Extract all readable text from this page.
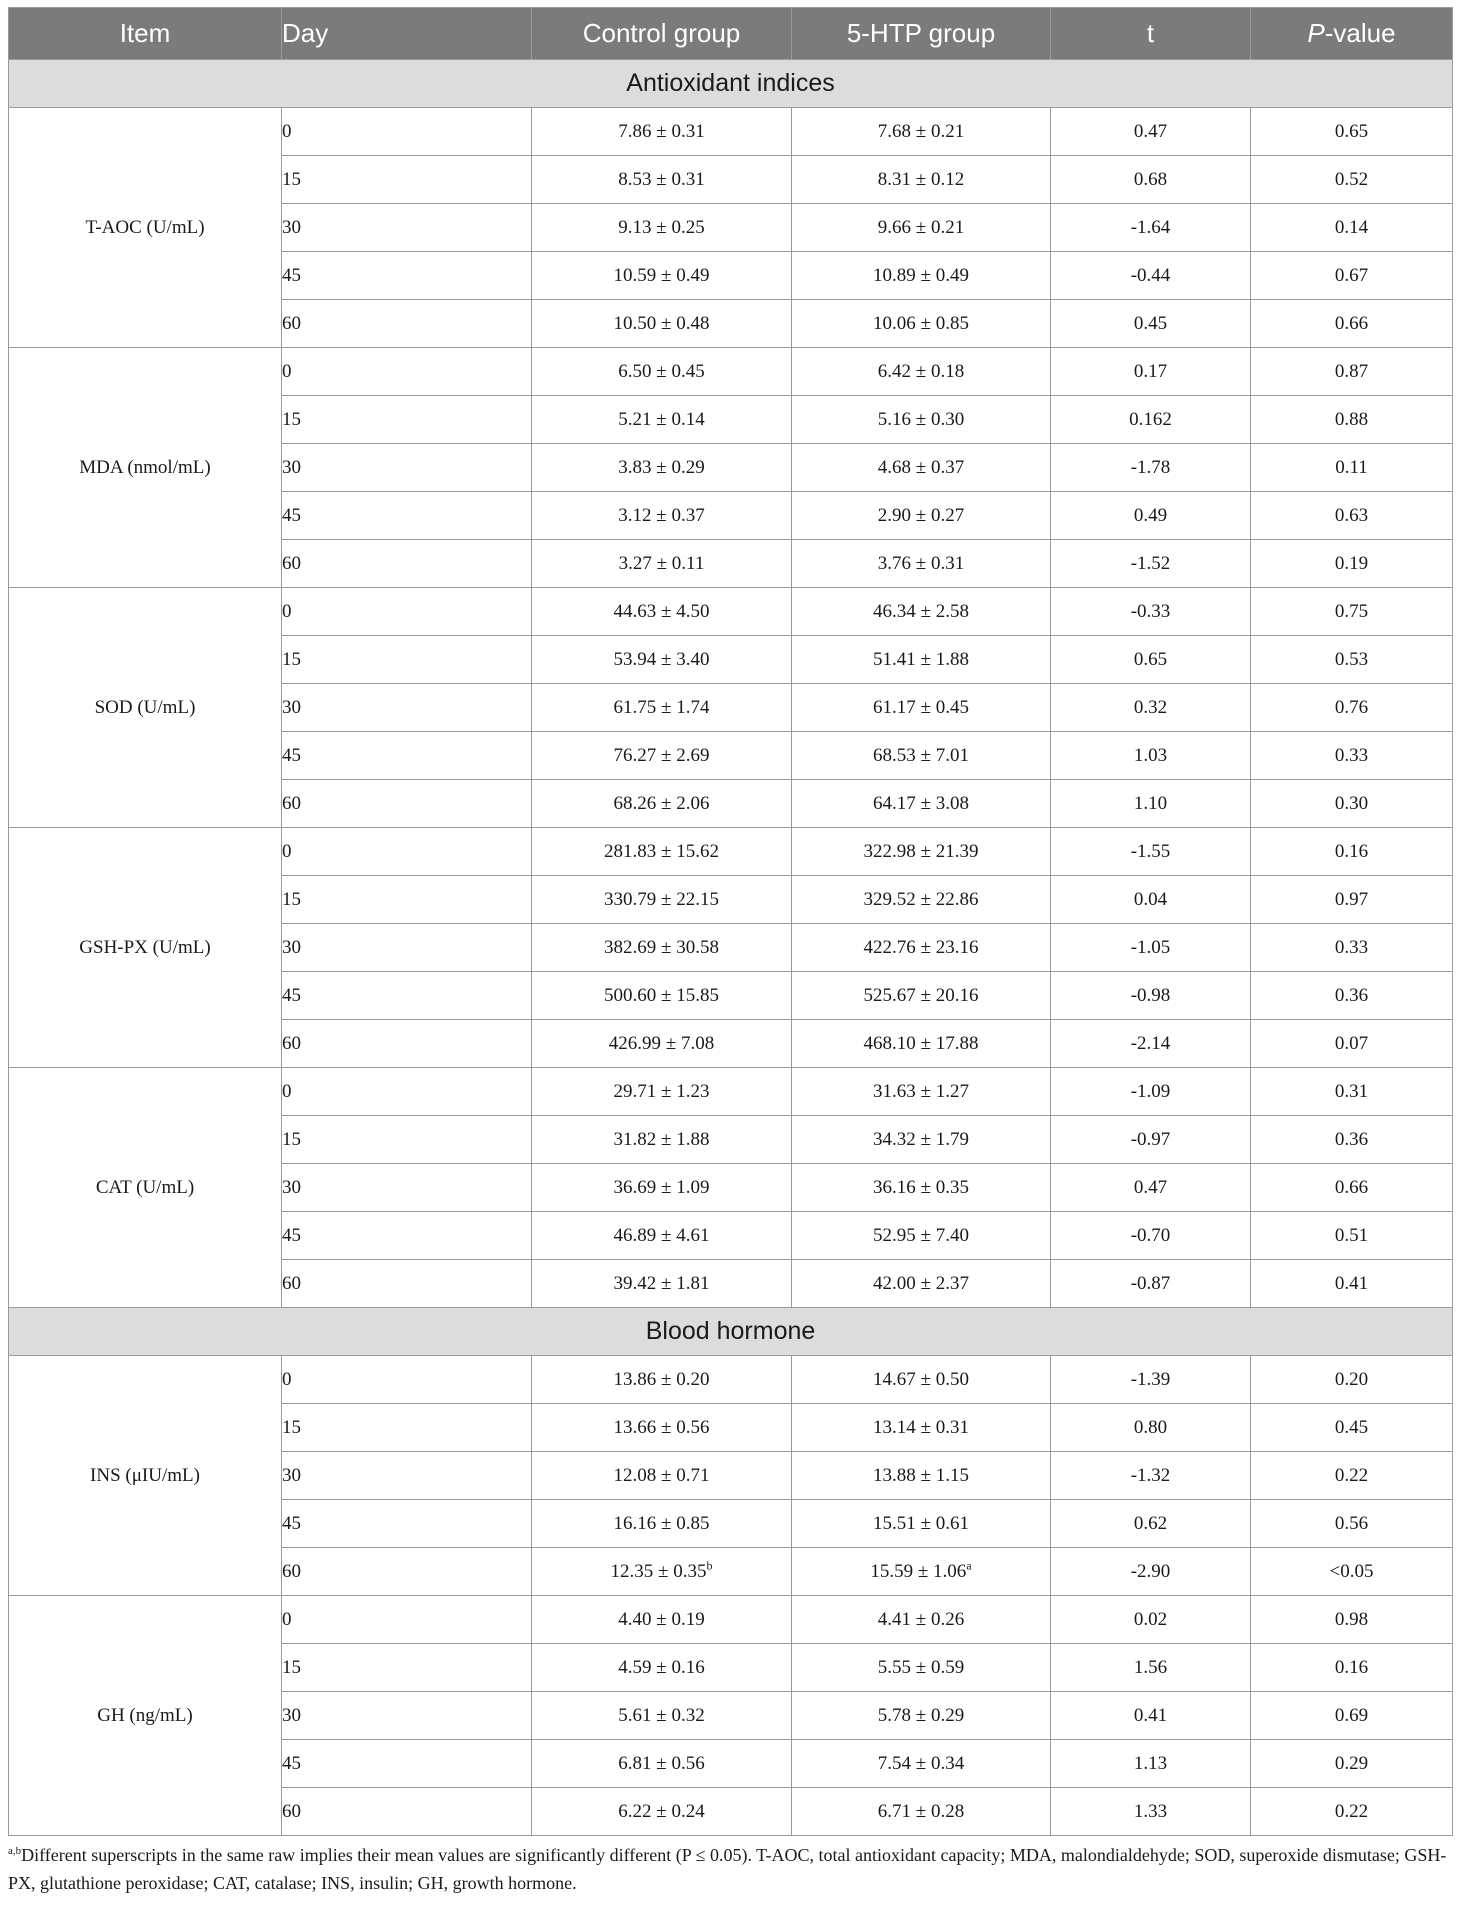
Item	Day	Control group	5-HTP group	t	P-value
Antioxidant indices					
T-AOC (U/mL)	0	7.86 ± 0.31	7.68 ± 0.21	0.47	0.65
	15	8.53 ± 0.31	8.31 ± 0.12	0.68	0.52
	30	9.13 ± 0.25	9.66 ± 0.21	-1.64	0.14
	45	10.59 ± 0.49	10.89 ± 0.49	-0.44	0.67
	60	10.50 ± 0.48	10.06 ± 0.85	0.45	0.66
MDA (nmol/mL)	0	6.50 ± 0.45	6.42 ± 0.18	0.17	0.87
	15	5.21 ± 0.14	5.16 ± 0.30	0.162	0.88
	30	3.83 ± 0.29	4.68 ± 0.37	-1.78	0.11
	45	3.12 ± 0.37	2.90 ± 0.27	0.49	0.63
	60	3.27 ± 0.11	3.76 ± 0.31	-1.52	0.19
SOD (U/mL)	0	44.63 ± 4.50	46.34 ± 2.58	-0.33	0.75
	15	53.94 ± 3.40	51.41 ± 1.88	0.65	0.53
	30	61.75 ± 1.74	61.17 ± 0.45	0.32	0.76
	45	76.27 ± 2.69	68.53 ± 7.01	1.03	0.33
	60	68.26 ± 2.06	64.17 ± 3.08	1.10	0.30
GSH-PX (U/mL)	0	281.83 ± 15.62	322.98 ± 21.39	-1.55	0.16
	15	330.79 ± 22.15	329.52 ± 22.86	0.04	0.97
	30	382.69 ± 30.58	422.76 ± 23.16	-1.05	0.33
	45	500.60 ± 15.85	525.67 ± 20.16	-0.98	0.36
	60	426.99 ± 7.08	468.10 ± 17.88	-2.14	0.07
CAT (U/mL)	0	29.71 ± 1.23	31.63 ± 1.27	-1.09	0.31
	15	31.82 ± 1.88	34.32 ± 1.79	-0.97	0.36
	30	36.69 ± 1.09	36.16 ± 0.35	0.47	0.66
	45	46.89 ± 4.61	52.95 ± 7.40	-0.70	0.51
	60	39.42 ± 1.81	42.00 ± 2.37	-0.87	0.41
Blood hormone					
INS (μIU/mL)	0	13.86 ± 0.20	14.67 ± 0.50	-1.39	0.20
	15	13.66 ± 0.56	13.14 ± 0.31	0.80	0.45
	30	12.08 ± 0.71	13.88 ± 1.15	-1.32	0.22
	45	16.16 ± 0.85	15.51 ± 0.61	0.62	0.56
	60	12.35 ± 0.35$^b$	15.59 ± 1.06$^a$	-2.90	<0.05
GH (ng/mL)	0	4.40 ± 0.19	4.41 ± 0.26	0.02	0.98
	15	4.59 ± 0.16	5.55 ± 0.59	1.56	0.16
	30	5.61 ± 0.32	5.78 ± 0.29	0.41	0.69
	45	6.81 ± 0.56	7.54 ± 0.34	1.13	0.29
	60	6.22 ± 0.24	6.71 ± 0.28	1.33	0.22
$^{a,b}$Different superscripts in the same raw implies their mean values are significantly different (P ≤ 0.05). T-AOC, total antioxidant capacity; MDA, malondialdehyde; SOD, superoxide dismutase; GSH-PX, glutathione peroxidase; CAT, catalase; INS, insulin; GH, growth hormone.
